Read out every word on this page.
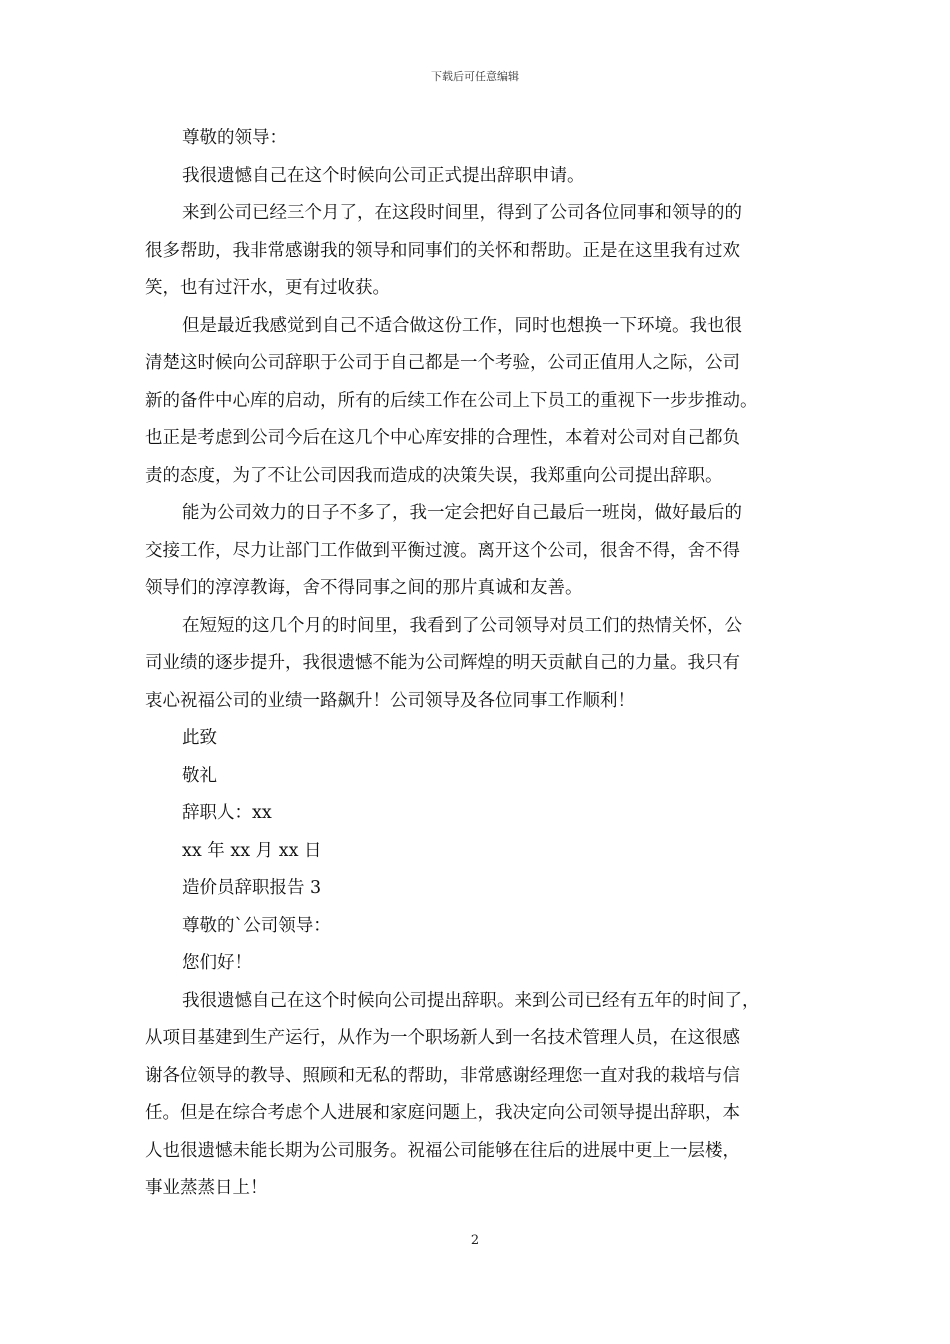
下载后可任意编辑

尊敬的领导：

我很遗憾自己在这个时候向公司正式提出辞职申请。

来到公司已经三个月了，在这段时间里，得到了公司各位同事和领导的的

很多帮助，我非常感谢我的领导和同事们的关怀和帮助。正是在这里我有过欢

笑，也有过汗水，更有过收获。

但是最近我感觉到自己不适合做这份工作，同时也想换一下环境。我也很

清楚这时候向公司辞职于公司于自己都是一个考验，公司正值用人之际，公司

新的备件中心库的启动，所有的后续工作在公司上下员工的重视下一步步推动。

也正是考虑到公司今后在这几个中心库安排的合理性，本着对公司对自己都负

责的态度，为了不让公司因我而造成的决策失误，我郑重向公司提出辞职。

能为公司效力的日子不多了，我一定会把好自己最后一班岗，做好最后的

交接工作，尽力让部门工作做到平衡过渡。离开这个公司，很舍不得，舍不得

领导们的淳淳教诲，舍不得同事之间的那片真诚和友善。

在短短的这几个月的时间里，我看到了公司领导对员工们的热情关怀，公

司业绩的逐步提升，我很遗憾不能为公司辉煌的明天贡献自己的力量。我只有

衷心祝福公司的业绩一路飙升！公司领导及各位同事工作顺利！

此致

敬礼

辞职人：xx

xx 年 xx 月 xx 日

造价员辞职报告 3

尊敬的`公司领导：

您们好！

我很遗憾自己在这个时候向公司提出辞职。来到公司已经有五年的时间了，

从项目基建到生产运行，从作为一个职场新人到一名技术管理人员，在这很感

谢各位领导的教导、照顾和无私的帮助，非常感谢经理您一直对我的栽培与信

任。但是在综合考虑个人进展和家庭问题上，我决定向公司领导提出辞职，本

人也很遗憾未能长期为公司服务。祝福公司能够在往后的进展中更上一层楼，

事业蒸蒸日上！

2
